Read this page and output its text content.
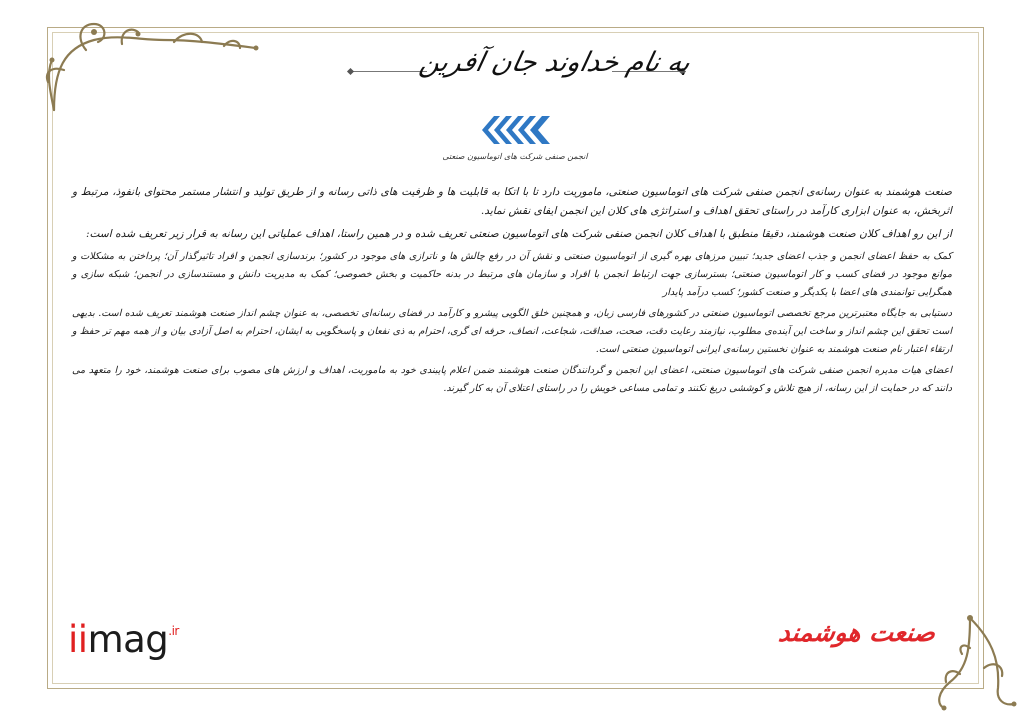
به نام خداوند جان آفرین
انجمن صنفی شرکت های اتوماسیون صنعتی

صنعت هوشمند به عنوان رسانه‌ی انجمن صنفی شرکت های اتوماسیون صنعتی، ماموریت دارد تا با اتکا به قابلیت ها و ظرفیت های ذاتی رسانه و از طریق تولید و انتشار مستمر محتوای بانفوذ، مرتبط و اثربخش، به عنوان ابزاری کارآمد در راستای تحقق اهداف و استراتژی های کلان این انجمن ایفای نقش نماید.

از این رو اهداف کلان صنعت هوشمند، دقیقا منطبق با اهداف کلان انجمن صنفی شرکت های اتوماسیون صنعتی تعریف شده و در همین راستا، اهداف عملیاتی این رسانه به قرار زیر تعریف شده است:

کمک به حفظ اعضای انجمن و جذب اعضای جدید؛ تبیین مرزهای بهره گیری از اتوماسیون صنعتی و نقش آن در رفع چالش ها و ناترازی های موجود در کشور؛ برندسازی انجمن و افراد تاثیرگذار آن؛ پرداختن به مشکلات و موانع موجود در فضای کسب و کار اتوماسیون صنعتی؛ بسترسازی جهت ارتباط انجمن با افراد و سازمان های مرتبط در بدنه حاکمیت و بخش خصوصی؛ کمک به مدیریت دانش و مستندسازی در انجمن؛ شبکه سازی و همگرایی توانمندی های اعضا با یکدیگر و صنعت کشور؛ کسب درآمد پایدار

دستیابی به جایگاه معتبرترین مرجع تخصصی اتوماسیون صنعتی در کشورهای فارسی زبان، و همچنین خلق الگویی پیشرو و کارآمد در فضای رسانه‌ای تخصصی، به عنوان چشم انداز صنعت هوشمند تعریف شده است. بدیهی است تحقق این چشم انداز و ساخت این آینده‌ی مطلوب، نیازمند رعایت دقت، صحت، صداقت، شجاعت، انصاف، حرفه ای گری، احترام به ذی نفعان و پاسخگویی به ایشان، احترام به اصل آزادی بیان و از همه مهم تر حفظ و ارتقاء اعتبار نام صنعت هوشمند به عنوان نخستین رسانه‌ی ایرانی اتوماسیون صنعتی است.

اعضای هیات مدیره انجمن صنفی شرکت های اتوماسیون صنعتی، اعضای این انجمن و گردانندگان صنعت هوشمند ضمن اعلام پایبندی خود به ماموریت، اهداف و ارزش های مصوب برای صنعت هوشمند، خود را متعهد می دانند که در حمایت از این رسانه، از هیچ تلاش و کوششی دریغ نکنند و تمامی مساعی خویش را در راستای اعتلای آن به کار گیرند.

iimag$^{.ir}$	صنعت هوشمند
